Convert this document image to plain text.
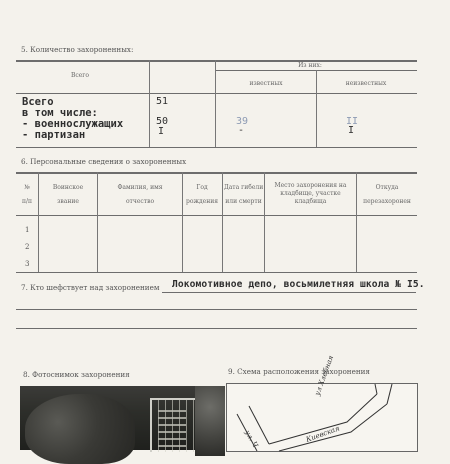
5. Количество захороненных:
Всего
Из них:
известных	неизвестных
Всего
в том числе:
- военнослужащих
- партизан
51
50
I
39
-
II
I
6. Персональные сведения о захороненных
№
п/п
Воинское
звание
Фамилия, имя
отчество
Год
рождения
Дата гибели
или смерти
Место захоронения на
кладбище, участке
кладбища
Откуда
перезахоронен
1
2
3
7. Кто шефствует над захоронением Локомотивное депо, восьмилетняя школа № I5.
8. Фотоснимок захоронения	9. Схема расположения захоронения
ул Хлебная
Киевская
ул. Ч
